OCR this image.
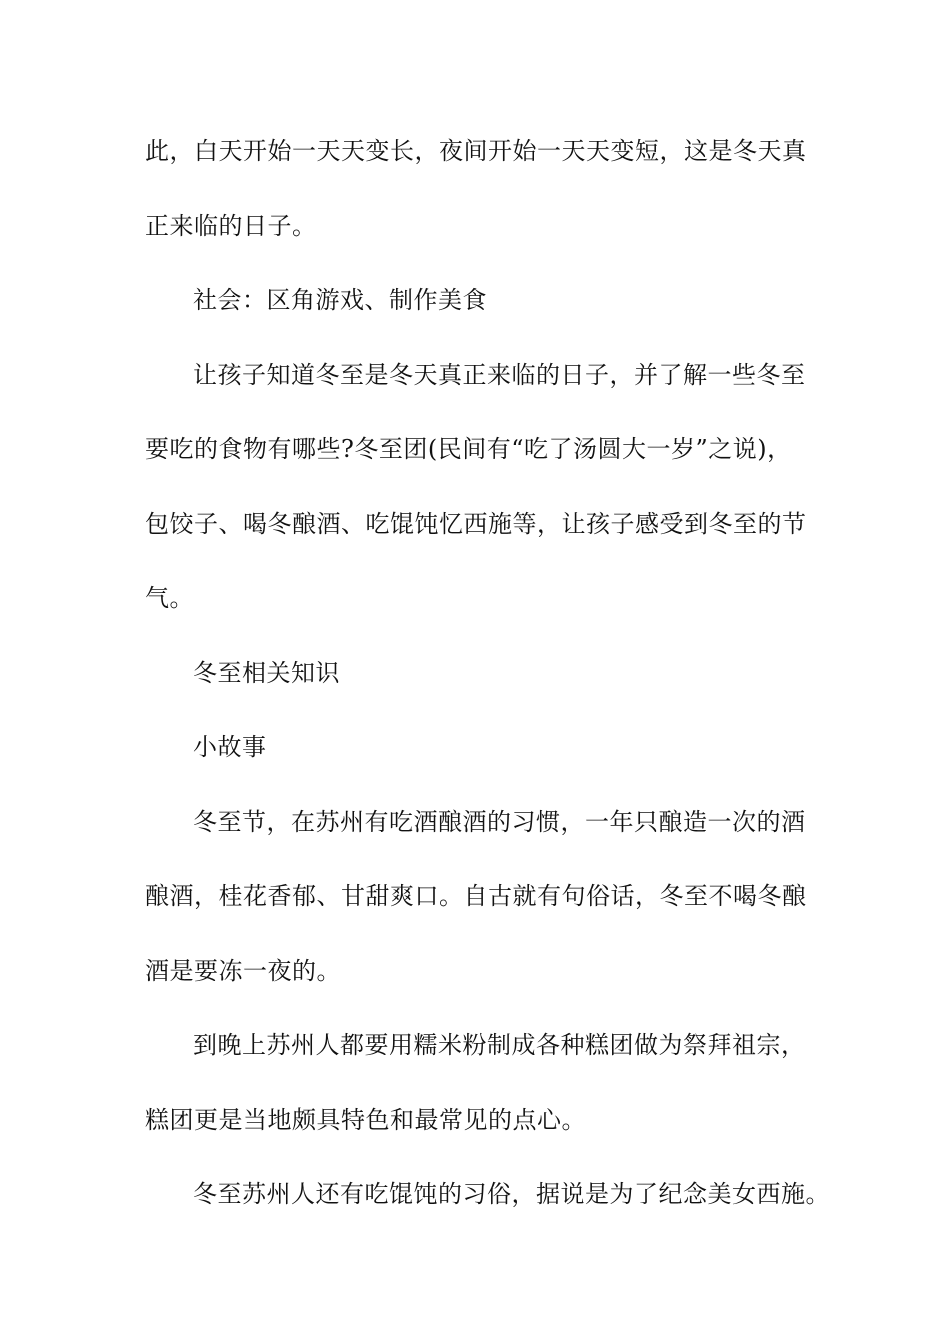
此，白天开始一天天变长，夜间开始一天天变短，这是冬天真
正来临的日子。
社会：区角游戏、制作美食
让孩子知道冬至是冬天真正来临的日子，并了解一些冬至
要吃的食物有哪些?冬至团(民间有“吃了汤圆大一岁”之说)，
包饺子、喝冬酿酒、吃馄饨忆西施等，让孩子感受到冬至的节
气。
冬至相关知识
小故事
冬至节，在苏州有吃酒酿酒的习惯，一年只酿造一次的酒
酿酒，桂花香郁、甘甜爽口。自古就有句俗话，冬至不喝冬酿
酒是要冻一夜的。
到晚上苏州人都要用糯米粉制成各种糕团做为祭拜祖宗，
糕团更是当地颇具特色和最常见的点心。
冬至苏州人还有吃馄饨的习俗，据说是为了纪念美女西施。
